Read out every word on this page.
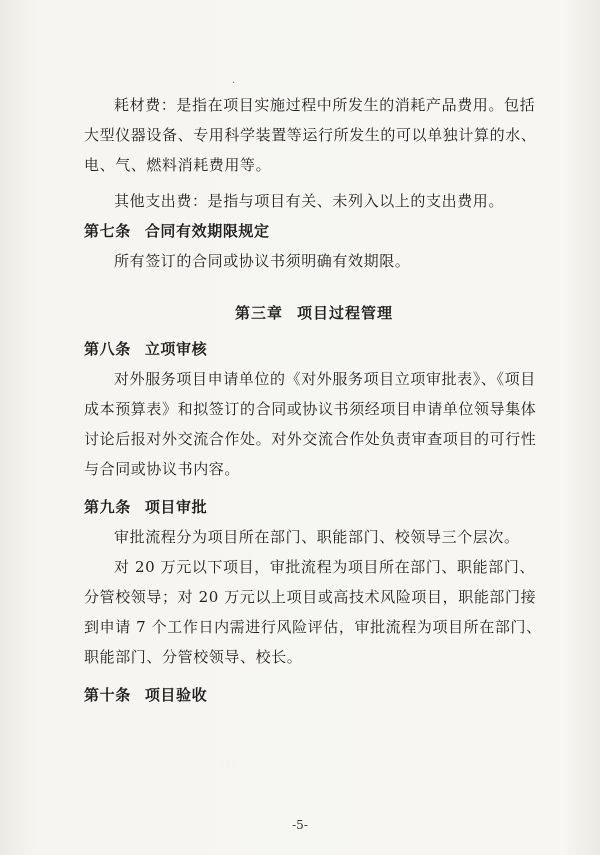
·

耗材费：是指在项目实施过程中所发生的消耗产品费用。包括大型仪器设备、专用科学装置等运行所发生的可以单独计算的水、电、气、燃料消耗费用等。

其他支出费：是指与项目有关、未列入以上的支出费用。

第七条 合同有效期限规定

所有签订的合同或协议书须明确有效期限。

第三章 项目过程管理

第八条 立项审核

对外服务项目申请单位的《对外服务项目立项审批表》、《项目成本预算表》和拟签订的合同或协议书须经项目申请单位领导集体讨论后报对外交流合作处。对外交流合作处负责审查项目的可行性与合同或协议书内容。

第九条 项目审批

审批流程分为项目所在部门、职能部门、校领导三个层次。

对 20 万元以下项目，审批流程为项目所在部门、职能部门、分管校领导；对 20 万元以上项目或高技术风险项目，职能部门接到申请 7 个工作日内需进行风险评估，审批流程为项目所在部门、职能部门、分管校领导、校长。

第十条 项目验收

-5-
